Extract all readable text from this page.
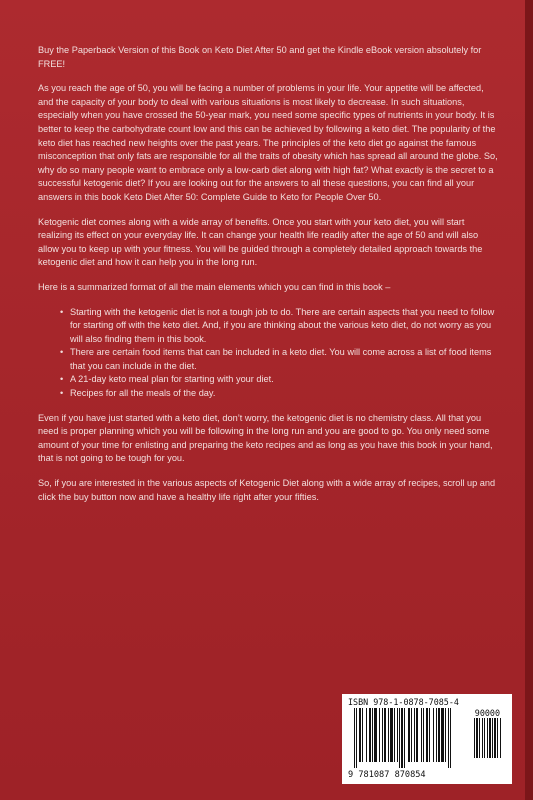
Buy the Paperback Version of this Book on Keto Diet After 50 and get the Kindle eBook version absolutely for FREE!

As you reach the age of 50, you will be facing a number of problems in your life. Your appetite will be affected, and the capacity of your body to deal with various situations is most likely to decrease. In such situations, especially when you have crossed the 50-year mark, you need some specific types of nutrients in your body. It is better to keep the carbohydrate count low and this can be achieved by following a keto diet. The popularity of the keto diet has reached new heights over the past years. The principles of the keto diet go against the famous misconception that only fats are responsible for all the traits of obesity which has spread all around the globe. So, why do so many people want to embrace only a low-carb diet along with high fat? What exactly is the secret to a successful ketogenic diet? If you are looking out for the answers to all these questions, you can find all your answers in this book Keto Diet After 50: Complete Guide to Keto for People Over 50.

Ketogenic diet comes along with a wide array of benefits. Once you start with your keto diet, you will start realizing its effect on your everyday life. It can change your health life readily after the age of 50 and will also allow you to keep up with your fitness. You will be guided through a completely detailed approach towards the ketogenic diet and how it can help you in the long run.

Here is a summarized format of all the main elements which you can find in this book –

• Starting with the ketogenic diet is not a tough job to do. There are certain aspects that you need to follow for starting off with the keto diet. And, if you are thinking about the various keto diet, do not worry as you will also finding them in this book.
• There are certain food items that can be included in a keto diet. You will come across a list of food items that you can include in the diet.
• A 21-day keto meal plan for starting with your diet.
• Recipes for all the meals of the day.

Even if you have just started with a keto diet, don’t worry, the ketogenic diet is no chemistry class. All that you need is proper planning which you will be following in the long run and you are good to go. You only need some amount of your time for enlisting and preparing the keto recipes and as long as you have this book in your hand, that is not going to be tough for you.

So, if you are interested in the various aspects of Ketogenic Diet along with a wide array of recipes, scroll up and click the buy button now and have a healthy life right after your fifties.

ISBN 978-1-0878-7085-4
90000
9 781087 870854
